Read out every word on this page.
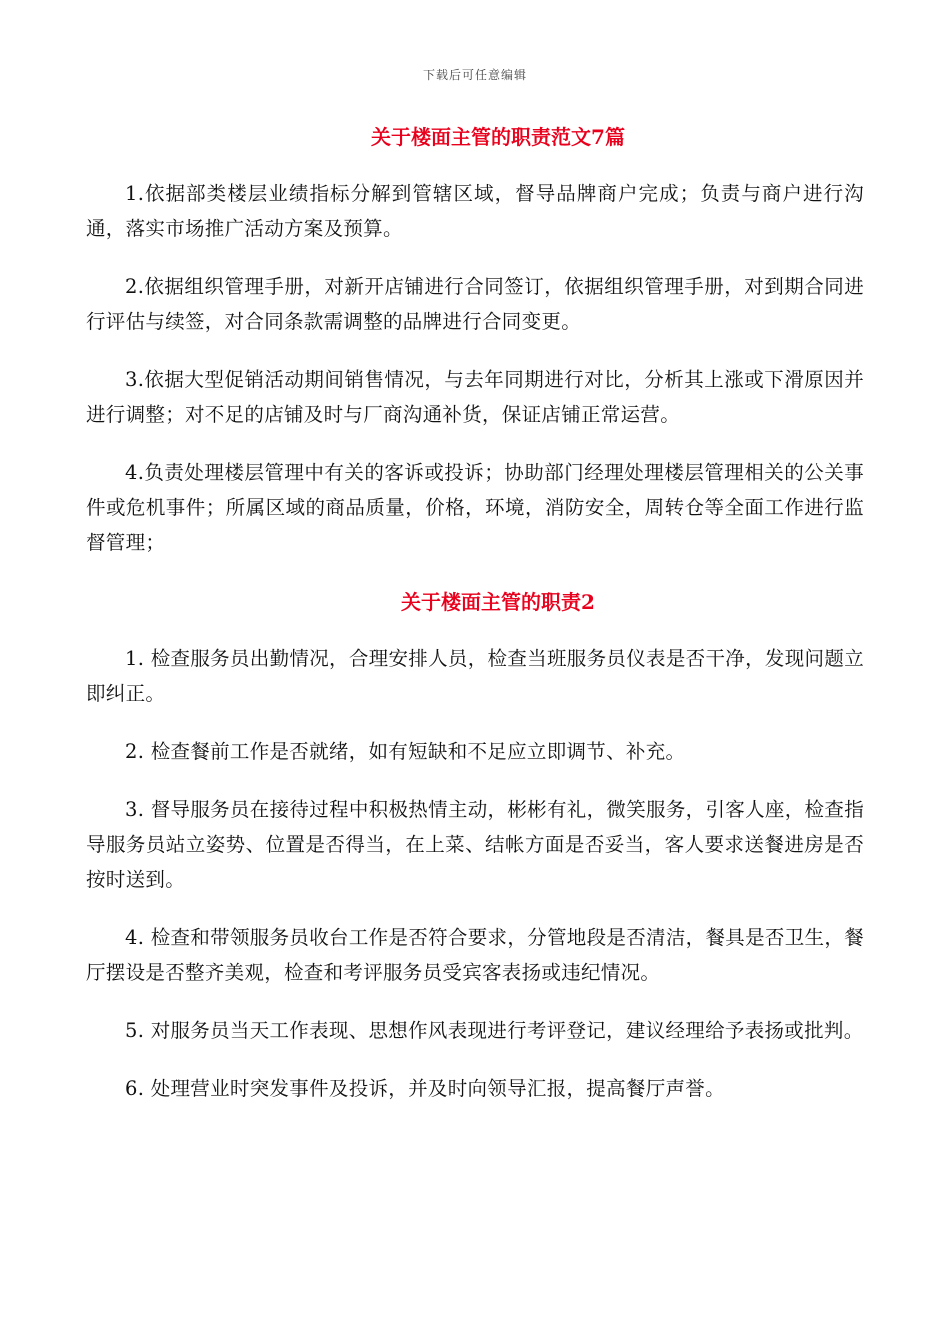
下载后可任意编辑
关于楼面主管的职责范文7篇

1.依据部类楼层业绩指标分解到管辖区域，督导品牌商户完成；负责与商户进行沟通，落实市场推广活动方案及预算。

2.依据组织管理手册，对新开店铺进行合同签订，依据组织管理手册，对到期合同进行评估与续签，对合同条款需调整的品牌进行合同变更。

3.依据大型促销活动期间销售情况，与去年同期进行对比，分析其上涨或下滑原因并进行调整；对不足的店铺及时与厂商沟通补货，保证店铺正常运营。

4.负责处理楼层管理中有关的客诉或投诉；协助部门经理处理楼层管理相关的公关事件或危机事件；所属区域的商品质量，价格，环境，消防安全，周转仓等全面工作进行监督管理；

关于楼面主管的职责2

1. 检查服务员出勤情况，合理安排人员，检查当班服务员仪表是否干净，发现问题立即纠正。

2. 检查餐前工作是否就绪，如有短缺和不足应立即调节、补充。

3. 督导服务员在接待过程中积极热情主动，彬彬有礼，微笑服务，引客人座，检查指导服务员站立姿势、位置是否得当，在上菜、结帐方面是否妥当，客人要求送餐进房是否按时送到。

4. 检查和带领服务员收台工作是否符合要求，分管地段是否清洁，餐具是否卫生，餐厅摆设是否整齐美观，检查和考评服务员受宾客表扬或违纪情况。

5. 对服务员当天工作表现、思想作风表现进行考评登记，建议经理给予表扬或批判。

6. 处理营业时突发事件及投诉，并及时向领导汇报，提高餐厅声誉。
